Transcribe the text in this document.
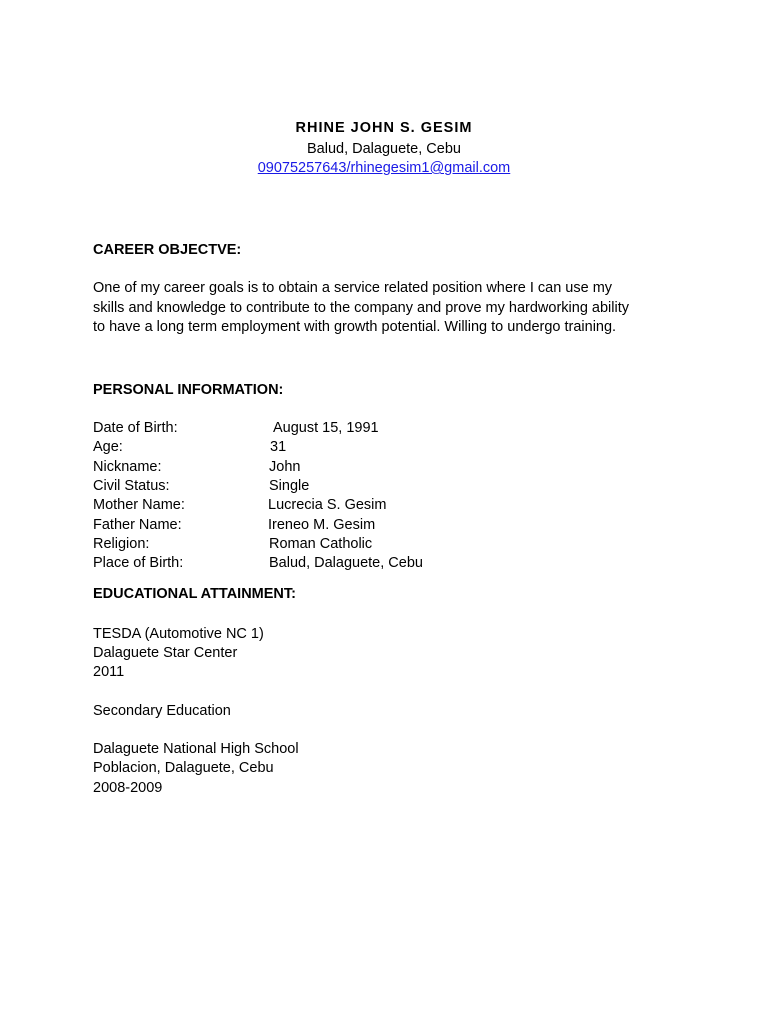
RHINE JOHN S. GESIM
Balud, Dalaguete, Cebu
09075257643/rhinegesim1@gmail.com
CAREER OBJECTVE:
One of my career goals is to obtain a service related position where I can use my
skills and knowledge to contribute to the company and prove my hardworking ability
to have a long term employment with growth potential. Willing to undergo training.
PERSONAL INFORMATION:
Date of Birth:	August 15, 1991
Age:	31
Nickname:	John
Civil Status:	Single
Mother Name:	Lucrecia S. Gesim
Father Name:	Ireneo M. Gesim
Religion:	Roman Catholic
Place of Birth:	Balud, Dalaguete, Cebu
EDUCATIONAL ATTAINMENT:
TESDA (Automotive NC 1)
Dalaguete Star Center
2011
Secondary Education
Dalaguete National High School
Poblacion, Dalaguete, Cebu
2008-2009
